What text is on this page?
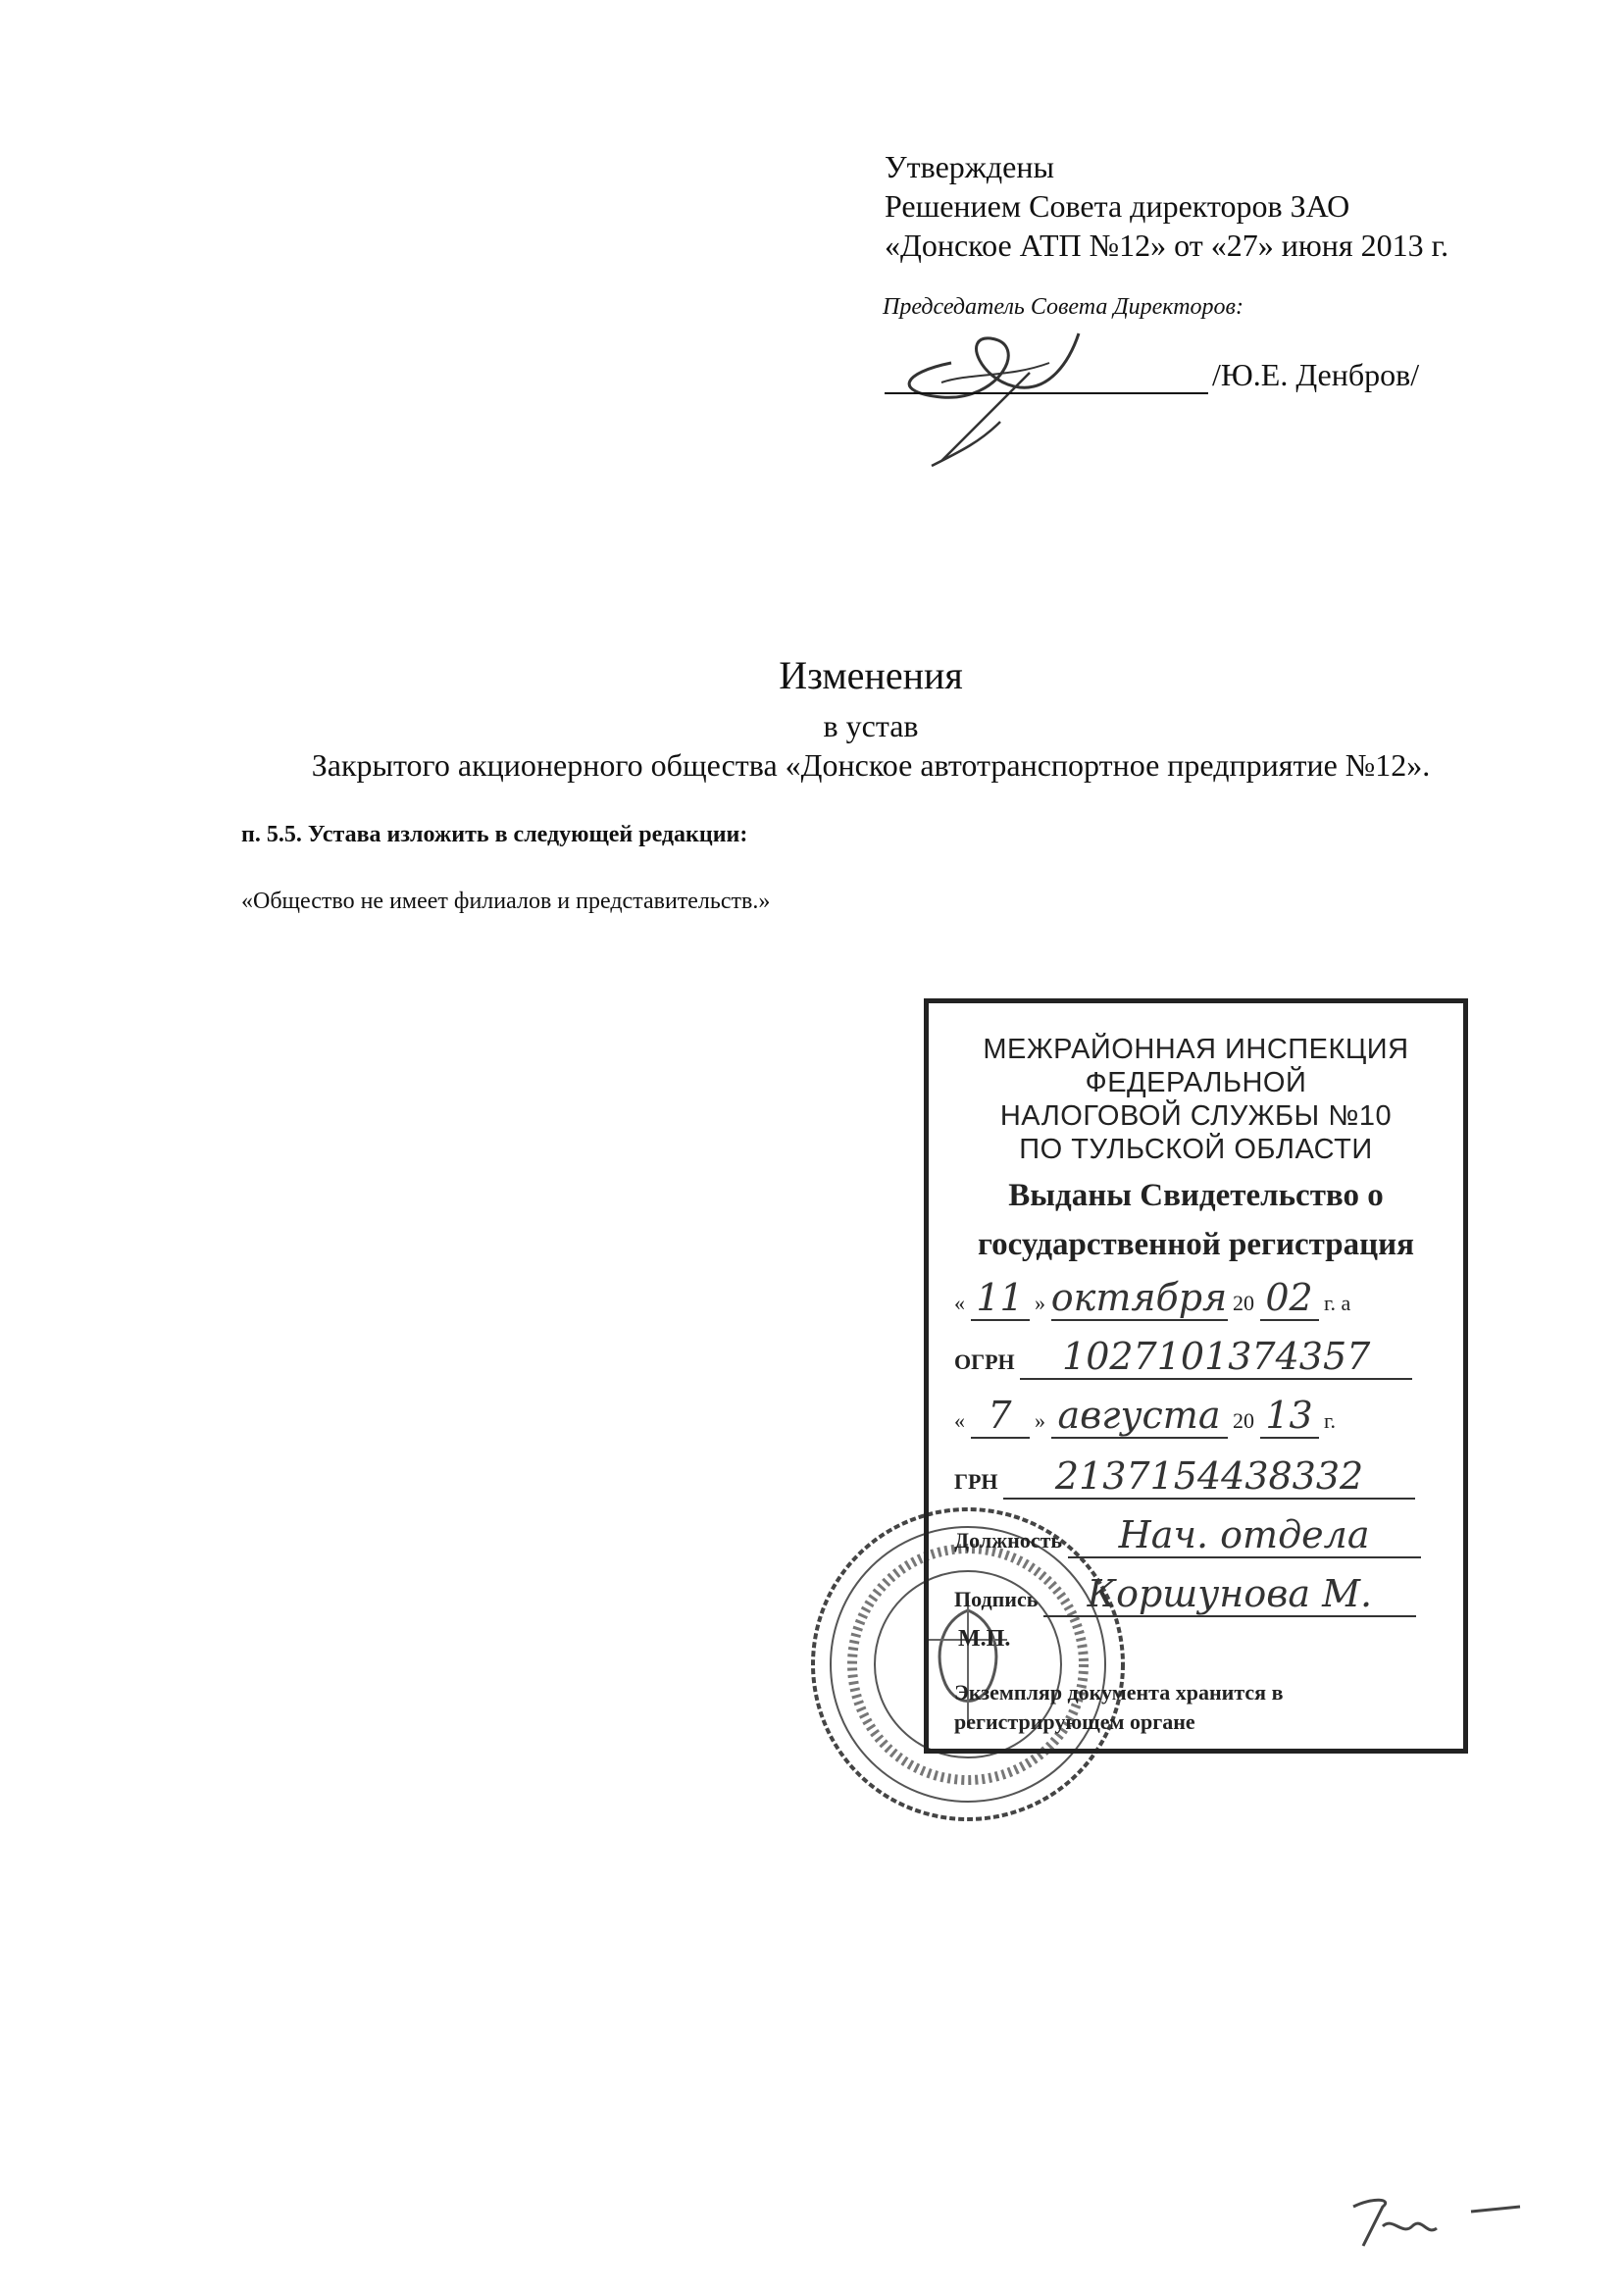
Утверждены
Решением Совета директоров ЗАО
«Донское АТП №12» от «27» июня 2013 г.
Председатель Совета Директоров:
/Ю.Е. Денбров/
Изменения
в устав
Закрытого акционерного общества «Донское автотранспортное предприятие №12».
п. 5.5. Устава изложить в следующей редакции:
«Общество не имеет филиалов и представительств.»
МЕЖРАЙОННАЯ ИНСПЕКЦИЯ
ФЕДЕРАЛЬНОЙ
НАЛОГОВОЙ СЛУЖБЫ №10
ПО ТУЛЬСКОЙ ОБЛАСТИ
Выданы Свидетельство о
государственной регистрация
« 11 » октября 20 02 г. а
ОГРН 1027101374357
« 7 » августа 20 13 г.
ГРН 2137154438332
Должность Нач. отдела
Подпись Коршунова М.
М.П.
Экземпляр документа хранится в
регистрирующем органе
